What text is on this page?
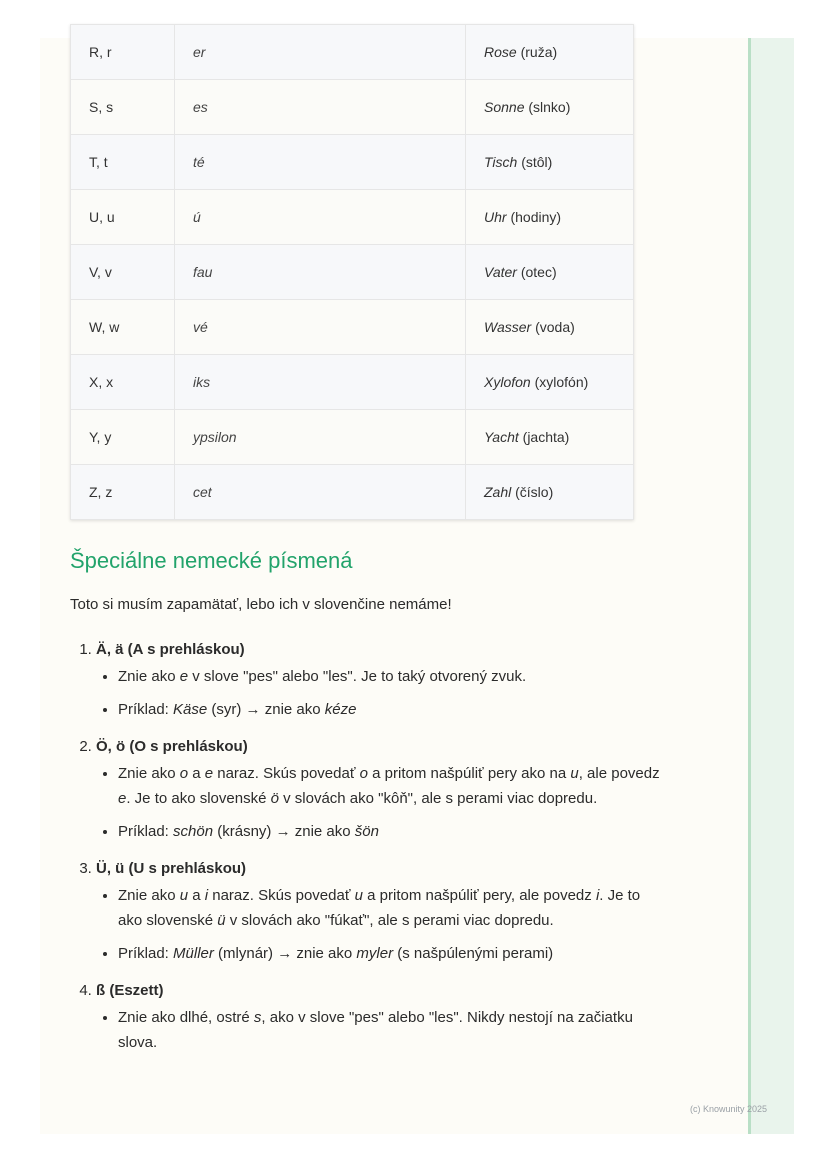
R, r	er	Rose (ruža)
S, s	es	Sonne (slnko)
T, t	té	Tisch (stôl)
U, u	ú	Uhr (hodiny)
V, v	fau	Vater (otec)
W, w	vé	Wasser (voda)
X, x	iks	Xylofon (xylofón)
Y, y	ypsilon	Yacht (jachta)
Z, z	cet	Zahl (číslo)
Špeciálne nemecké písmená

Toto si musím zapamätať, lebo ich v slovenčine nemáme!

1. Ä, ä (A s prehláskou)
• Znie ako e v slove "pes" alebo "les". Je to taký otvorený zvuk.
• Príklad: Käse (syr) → znie ako kéze
2. Ö, ö (O s prehláskou)
• Znie ako o a e naraz. Skús povedať o a pritom našpúliť pery ako na u, ale povedz e. Je to ako slovenské ö v slovách ako "kôň", ale s perami viac dopredu.
• Príklad: schön (krásny) → znie ako šön
3. Ü, ü (U s prehláskou)
• Znie ako u a i naraz. Skús povedať u a pritom našpúliť pery, ale povedz i. Je to ako slovenské ü v slovách ako "fúkať", ale s perami viac dopredu.
• Príklad: Müller (mlynár) → znie ako myler (s našpúlenými perami)
4. ß (Eszett)
• Znie ako dlhé, ostré s, ako v slove "pes" alebo "les". Nikdy nestojí na začiatku slova.
(c) Knowunity 2025
